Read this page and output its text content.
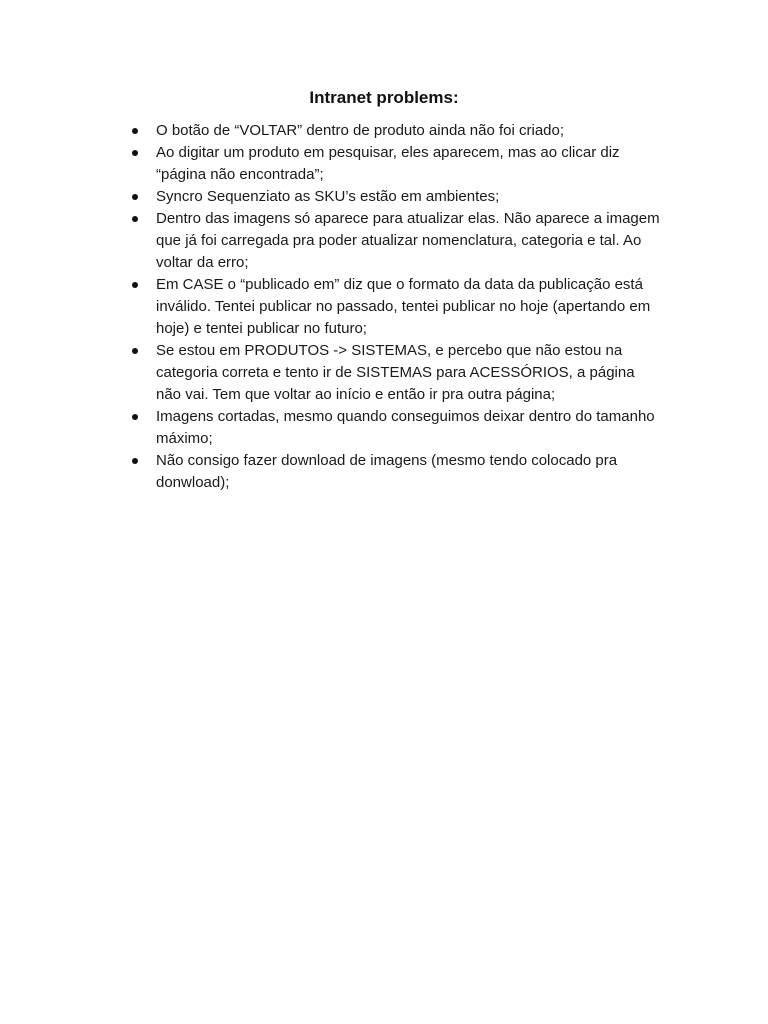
Intranet problems:
O botão de “VOLTAR” dentro de produto ainda não foi criado;
Ao digitar um produto em pesquisar, eles aparecem, mas ao clicar diz “página não encontrada”;
Syncro Sequenziato as SKU’s estão em ambientes;
Dentro das imagens só aparece para atualizar elas. Não aparece a imagem que já foi carregada pra poder atualizar nomenclatura, categoria e tal. Ao voltar da erro;
Em CASE o “publicado em” diz que o formato da data da publicação está inválido. Tentei publicar no passado, tentei publicar no hoje (apertando em hoje) e tentei publicar no futuro;
Se estou em PRODUTOS -> SISTEMAS, e percebo que não estou na categoria correta e tento ir de SISTEMAS para ACESSÓRIOS, a página não vai. Tem que voltar ao início e então ir pra outra página;
Imagens cortadas, mesmo quando conseguimos deixar dentro do tamanho máximo;
Não consigo fazer download de imagens (mesmo tendo colocado pra donwload);
